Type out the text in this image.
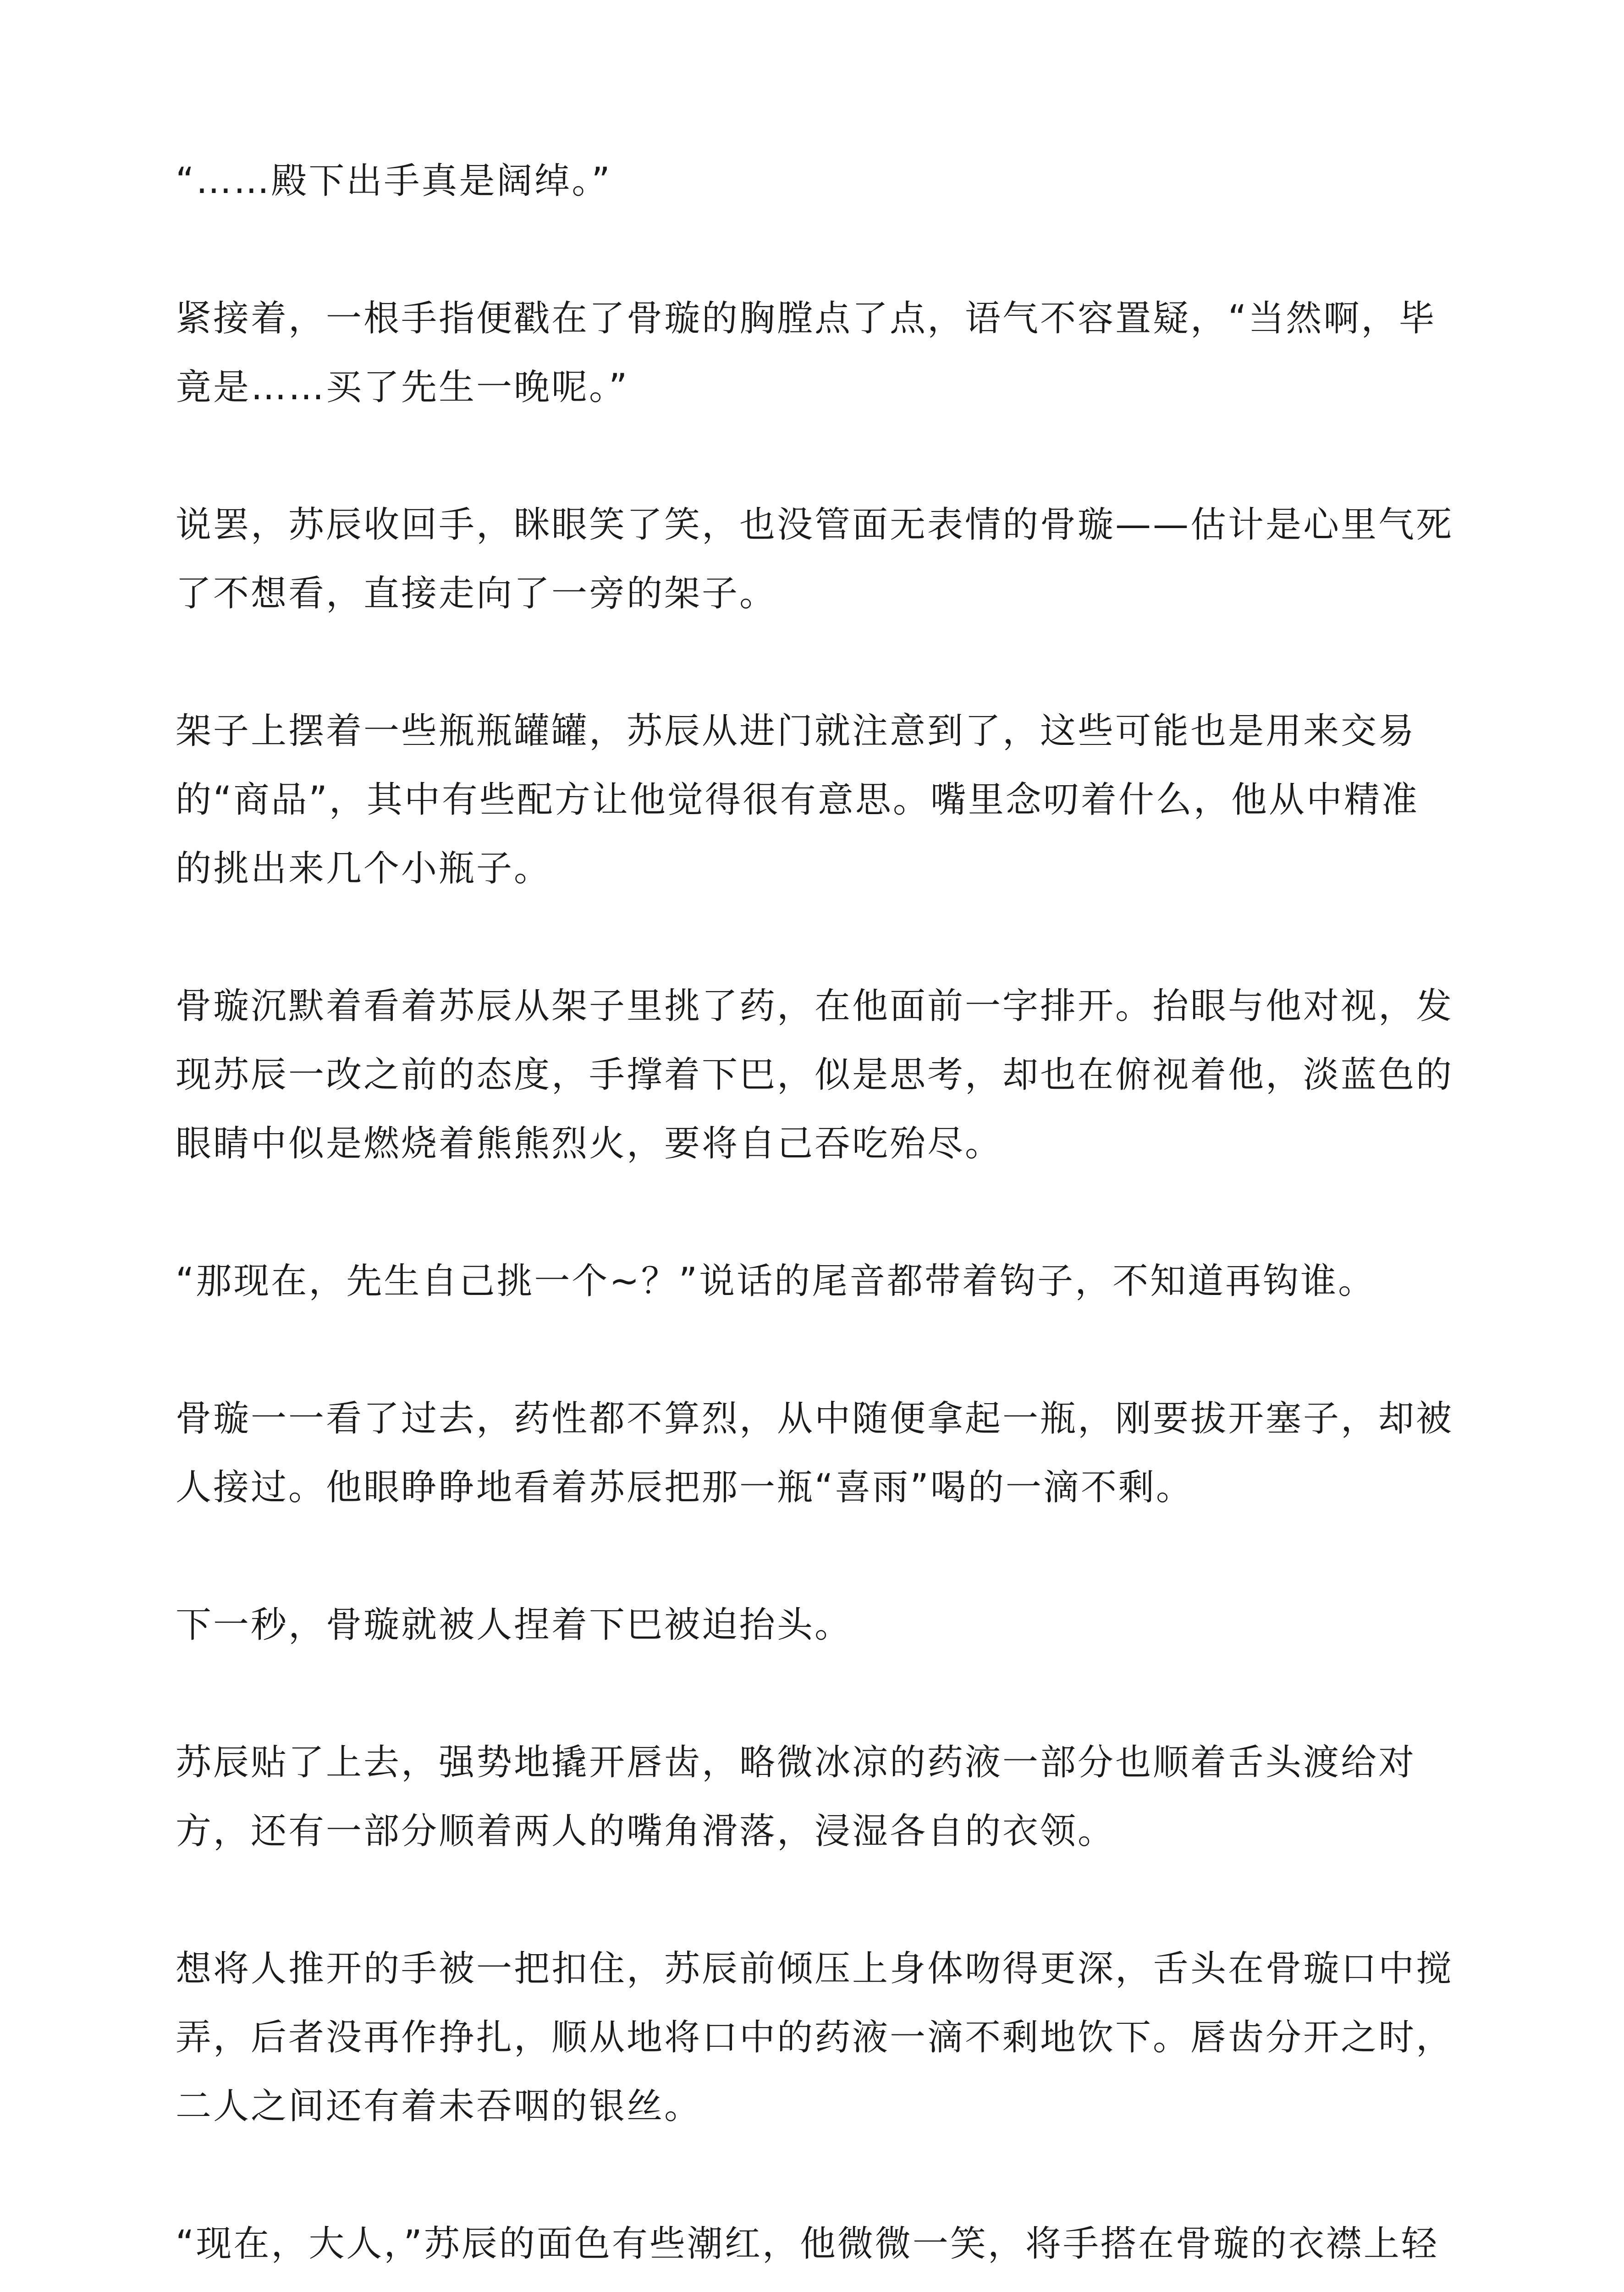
“……殿下出手真是阔绰。”

紧接着，一根手指便戳在了骨璇的胸膛点了点，语气不容置疑，“当然啊，毕竟是……买了先生一晚呢。”

说罢，苏辰收回手，眯眼笑了笑，也没管面无表情的骨璇——估计是心里气死了不想看，直接走向了一旁的架子。

架子上摆着一些瓶瓶罐罐，苏辰从进门就注意到了，这些可能也是用来交易的“商品”，其中有些配方让他觉得很有意思。嘴里念叨着什么，他从中精准的挑出来几个小瓶子。

骨璇沉默着看着苏辰从架子里挑了药，在他面前一字排开。抬眼与他对视，发现苏辰一改之前的态度，手撑着下巴，似是思考，却也在俯视着他，淡蓝色的眼睛中似是燃烧着熊熊烈火，要将自己吞吃殆尽。

“那现在，先生自己挑一个~？”说话的尾音都带着钩子，不知道再钩谁。

骨璇一一看了过去，药性都不算烈，从中随便拿起一瓶，刚要拔开塞子，却被人接过。他眼睁睁地看着苏辰把那一瓶“喜雨”喝的一滴不剩。

下一秒，骨璇就被人捏着下巴被迫抬头。

苏辰贴了上去，强势地撬开唇齿，略微冰凉的药液一部分也顺着舌头渡给对方，还有一部分顺着两人的嘴角滑落，浸湿各自的衣领。

想将人推开的手被一把扣住，苏辰前倾压上身体吻得更深，舌头在骨璇口中搅弄，后者没再作挣扎，顺从地将口中的药液一滴不剩地饮下。唇齿分开之时，二人之间还有着未吞咽的银丝。

“现在，大人，”苏辰的面色有些潮红，他微微一笑，将手搭在骨璇的衣襟上轻
